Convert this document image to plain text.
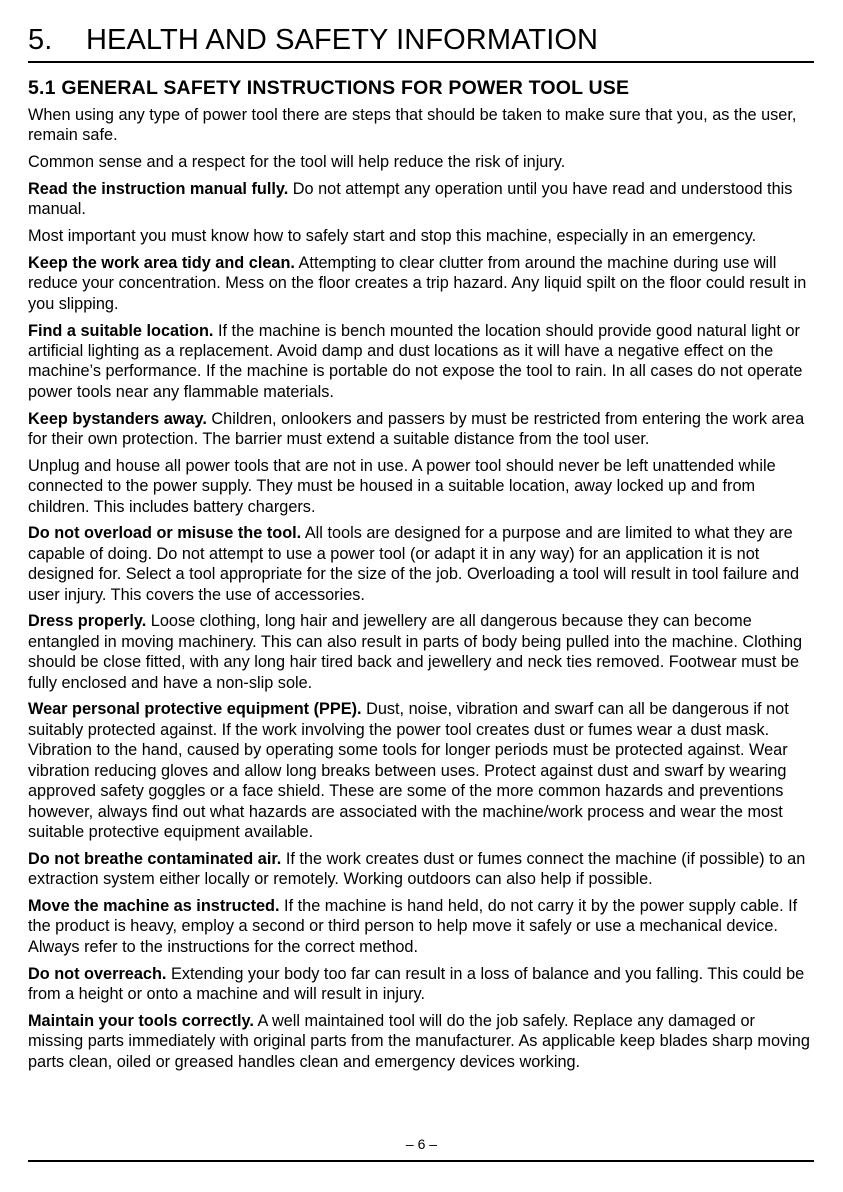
5. HEALTH AND SAFETY INFORMATION
5.1 GENERAL SAFETY INSTRUCTIONS FOR POWER TOOL USE

When using any type of power tool there are steps that should be taken to make sure that you, as the user, remain safe.

Common sense and a respect for the tool will help reduce the risk of injury.

Read the instruction manual fully. Do not attempt any operation until you have read and understood this manual.

Most important you must know how to safely start and stop this machine, especially in an emergency.

Keep the work area tidy and clean. Attempting to clear clutter from around the machine during use will reduce your concentration. Mess on the floor creates a trip hazard. Any liquid spilt on the floor could result in you slipping.

Find a suitable location. If the machine is bench mounted the location should provide good natural light or artificial lighting as a replacement. Avoid damp and dust locations as it will have a negative effect on the machine’s performance. If the machine is portable do not expose the tool to rain. In all cases do not operate power tools near any flammable materials.

Keep bystanders away. Children, onlookers and passers by must be restricted from entering the work area for their own protection. The barrier must extend a suitable distance from the tool user.

Unplug and house all power tools that are not in use. A power tool should never be left unattended while connected to the power supply. They must be housed in a suitable location, away locked up and from children. This includes battery chargers.

Do not overload or misuse the tool. All tools are designed for a purpose and are limited to what they are capable of doing. Do not attempt to use a power tool (or adapt it in any way) for an application it is not designed for. Select a tool appropriate for the size of the job. Overloading a tool will result in tool failure and user injury. This covers the use of accessories.

Dress properly. Loose clothing, long hair and jewellery are all dangerous because they can become entangled in moving machinery. This can also result in parts of body being pulled into the machine. Clothing should be close fitted, with any long hair tired back and jewellery and neck ties removed. Footwear must be fully enclosed and have a non-slip sole.

Wear personal protective equipment (PPE). Dust, noise, vibration and swarf can all be dangerous if not suitably protected against. If the work involving the power tool creates dust or fumes wear a dust mask. Vibration to the hand, caused by operating some tools for longer periods must be protected against. Wear vibration reducing gloves and allow long breaks between uses. Protect against dust and swarf by wearing approved safety goggles or a face shield. These are some of the more common hazards and preventions however, always find out what hazards are associated with the machine/work process and wear the most suitable protective equipment available.

Do not breathe contaminated air. If the work creates dust or fumes connect the machine (if possible) to an extraction system either locally or remotely. Working outdoors can also help if possible.

Move the machine as instructed. If the machine is hand held, do not carry it by the power supply cable. If the product is heavy, employ a second or third person to help move it safely or use a mechanical device. Always refer to the instructions for the correct method.

Do not overreach. Extending your body too far can result in a loss of balance and you falling. This could be from a height or onto a machine and will result in injury.

Maintain your tools correctly. A well maintained tool will do the job safely. Replace any damaged or missing parts immediately with original parts from the manufacturer. As applicable keep blades sharp moving parts clean, oiled or greased handles clean and emergency devices working.

– 6 –
